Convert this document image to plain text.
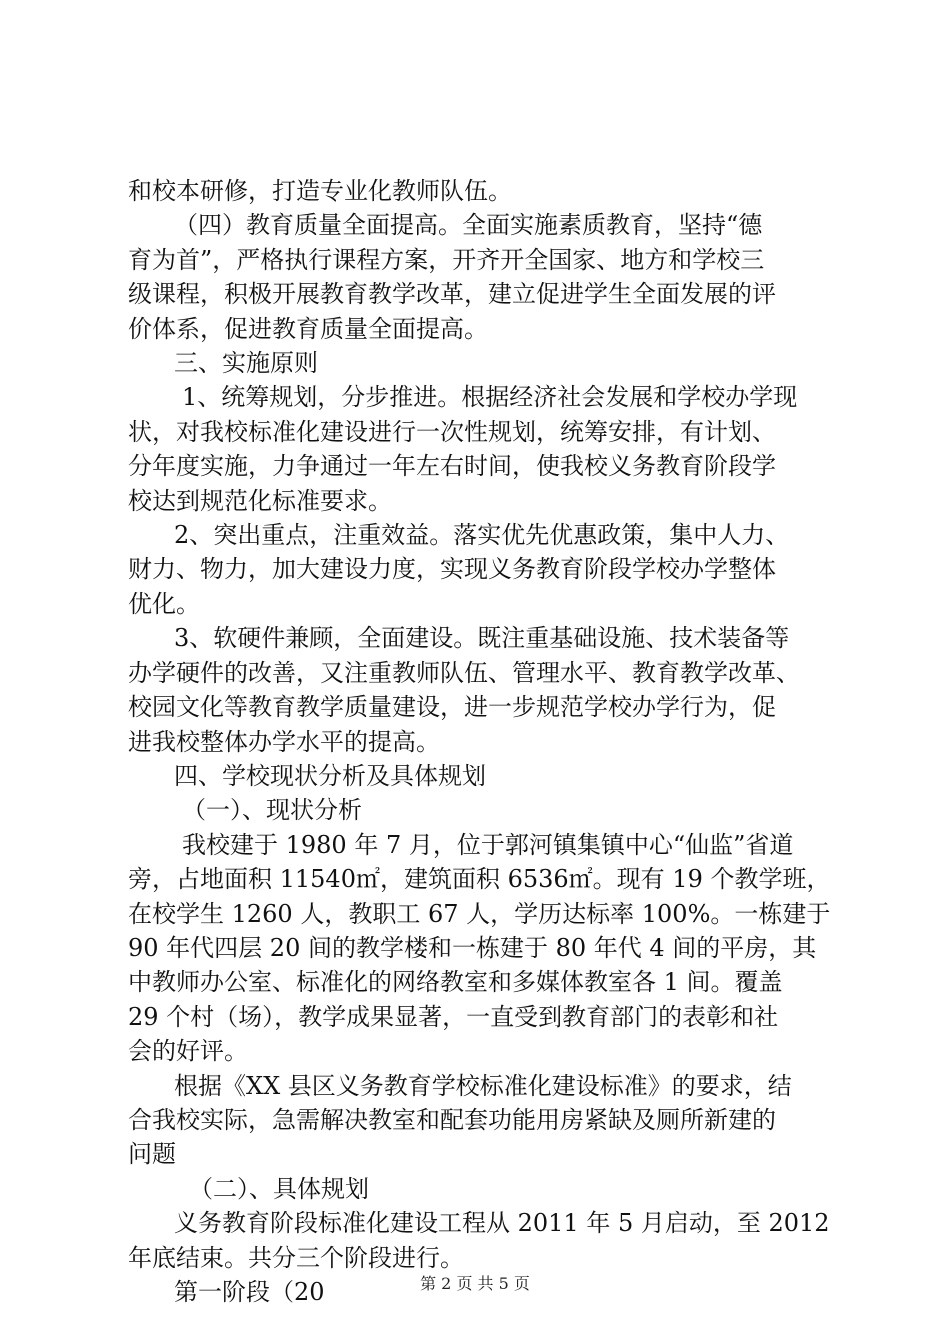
和校本研修，打造专业化教师队伍。
（四）教育质量全面提高。全面实施素质教育，坚持“德
育为首”，严格执行课程方案，开齐开全国家、地方和学校三
级课程，积极开展教育教学改革，建立促进学生全面发展的评
价体系，促进教育质量全面提高。
三、实施原则
1、统筹规划，分步推进。根据经济社会发展和学校办学现
状，对我校标准化建设进行一次性规划，统筹安排，有计划、
分年度实施，力争通过一年左右时间，使我校义务教育阶段学
校达到规范化标准要求。
2、突出重点，注重效益。落实优先优惠政策，集中人力、
财力、物力，加大建设力度，实现义务教育阶段学校办学整体
优化。
3、软硬件兼顾，全面建设。既注重基础设施、技术装备等
办学硬件的改善，又注重教师队伍、管理水平、教育教学改革、
校园文化等教育教学质量建设，进一步规范学校办学行为，促
进我校整体办学水平的提高。
四、学校现状分析及具体规划
（一）、现状分析
我校建于 1980 年 7 月，位于郭河镇集镇中心“仙监”省道
旁，占地面积 11540㎡，建筑面积 6536㎡。现有 19 个教学班，
在校学生 1260 人，教职工 67 人，学历达标率 100%。一栋建于
90 年代四层 20 间的教学楼和一栋建于 80 年代 4 间的平房，其
中教师办公室、标准化的网络教室和多媒体教室各 1 间。覆盖
29 个村（场），教学成果显著，一直受到教育部门的表彰和社
会的好评。
根据《XX 县区义务教育学校标准化建设标准》的要求，结
合我校实际，急需解决教室和配套功能用房紧缺及厕所新建的
问题
（二）、具体规划
义务教育阶段标准化建设工程从 2011 年 5 月启动，至 2012
年底结束。共分三个阶段进行。
第一阶段（20	第 2 页 共 5 页
